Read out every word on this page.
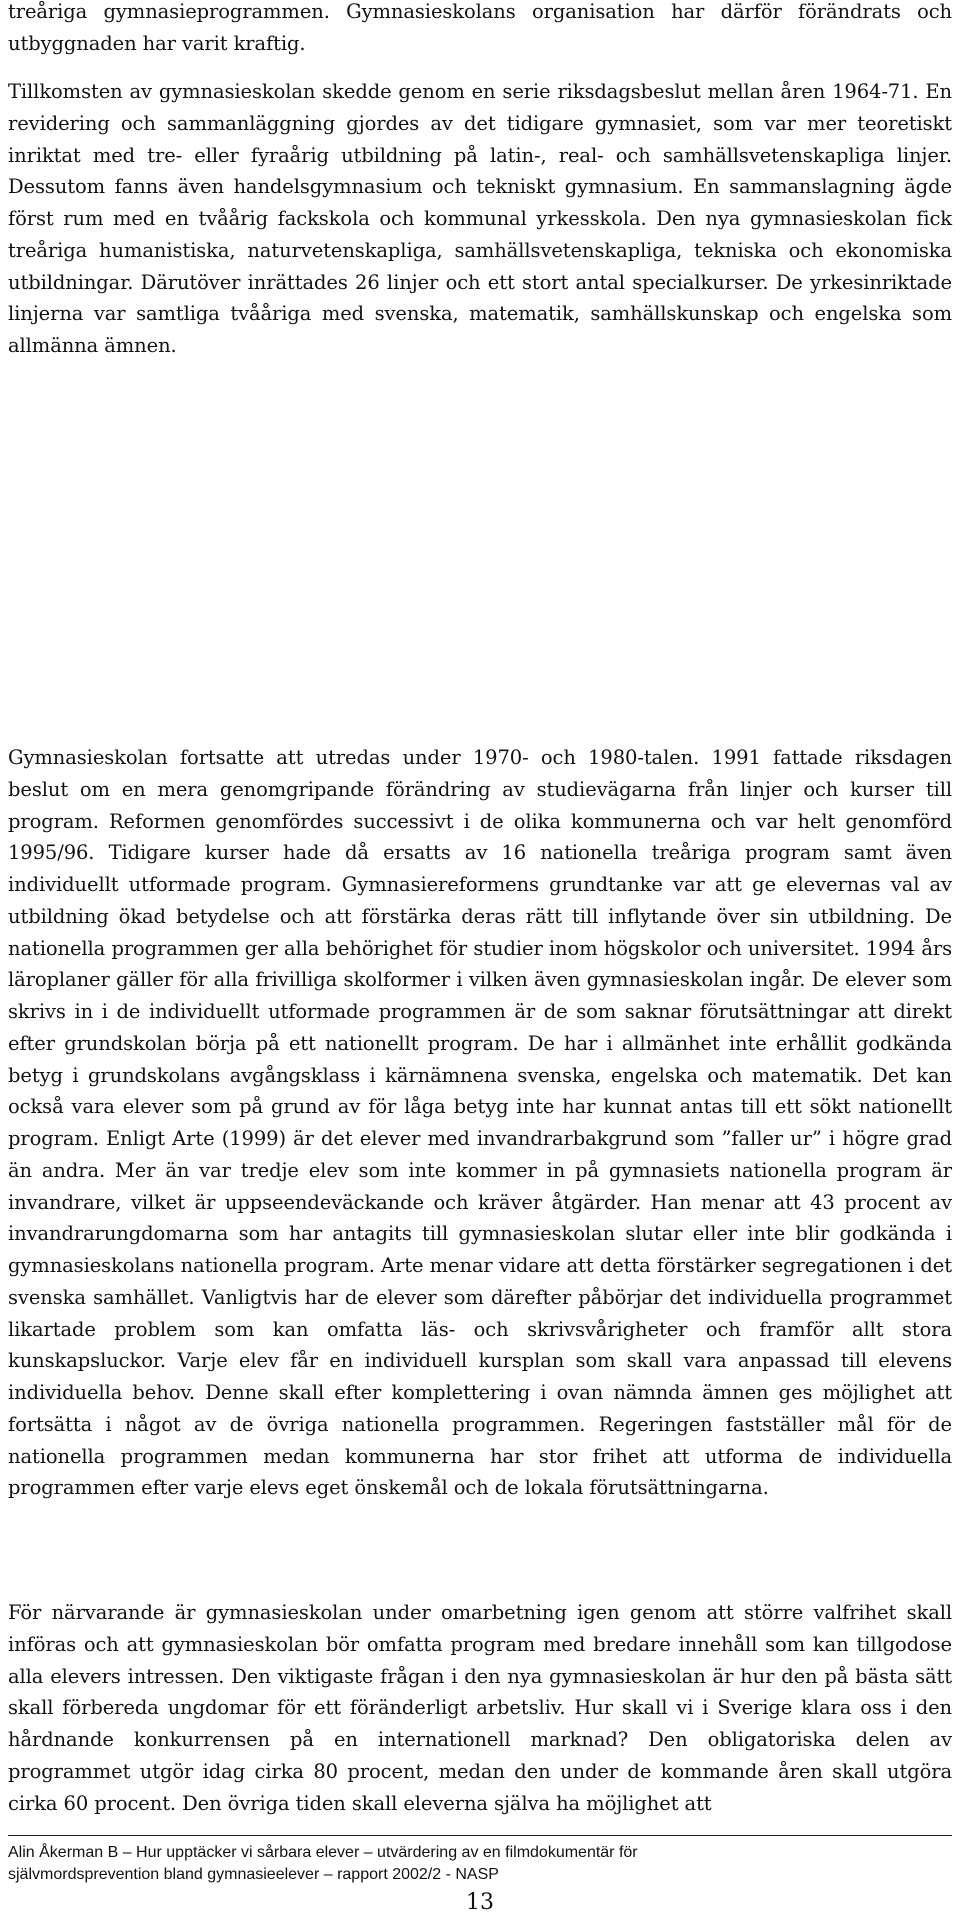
treåriga gymnasieprogrammen. Gymnasieskolans organisation har därför förändrats och utbyggnaden har varit kraftig.

Tillkomsten av gymnasieskolan skedde genom en serie riksdagsbeslut mellan åren 1964-71. En revidering och sammanläggning gjordes av det tidigare gymnasiet, som var mer teoretiskt inriktat med tre- eller fyraårig utbildning på latin-, real- och samhällsvetenskapliga linjer. Dessutom fanns även handelsgymnasium och tekniskt gymnasium. En sammanslagning ägde först rum med en tvåårig fackskola och kommunal yrkesskola. Den nya gymnasieskolan fick treåriga humanistiska, naturvetenskapliga, samhällsvetenskapliga, tekniska och ekonomiska utbildningar. Därutöver inrättades 26 linjer och ett stort antal specialkurser. De yrkesinriktade linjerna var samtliga tvååriga med svenska, matematik, samhällskunskap och engelska som allmänna ämnen.

Gymnasieskolan fortsatte att utredas under 1970- och 1980-talen. 1991 fattade riksdagen beslut om en mera genomgripande förändring av studievägarna från linjer och kurser till program. Reformen genomfördes successivt i de olika kommunerna och var helt genomförd 1995/96. Tidigare kurser hade då ersatts av 16 nationella treåriga program samt även individuellt utformade program. Gymnasiereformens grundtanke var att ge elevernas val av utbildning ökad betydelse och att förstärka deras rätt till inflytande över sin utbildning. De nationella programmen ger alla behörighet för studier inom högskolor och universitet. 1994 års läroplaner gäller för alla frivilliga skolformer i vilken även gymnasieskolan ingår. De elever som skrivs in i de individuellt utformade programmen är de som saknar förutsättningar att direkt efter grundskolan börja på ett nationellt program. De har i allmänhet inte erhållit godkända betyg i grundskolans avgångsklass i kärnämnena svenska, engelska och matematik. Det kan också vara elever som på grund av för låga betyg inte har kunnat antas till ett sökt nationellt program. Enligt Arte (1999) är det elever med invandrarbakgrund som ”faller ur” i högre grad än andra. Mer än var tredje elev som inte kommer in på gymnasiets nationella program är invandrare, vilket är uppseendeväckande och kräver åtgärder. Han menar att 43 procent av invandrarungdomarna som har antagits till gymnasieskolan slutar eller inte blir godkända i gymnasieskolans nationella program. Arte menar vidare att detta förstärker segregationen i det svenska samhället. Vanligtvis har de elever som därefter påbörjar det individuella programmet likartade problem som kan omfatta läs- och skrivsvårigheter och framför allt stora kunskapsluckor. Varje elev får en individuell kursplan som skall vara anpassad till elevens individuella behov. Denne skall efter komplettering i ovan nämnda ämnen ges möjlighet att fortsätta i något av de övriga nationella programmen. Regeringen fastställer mål för de nationella programmen medan kommunerna har stor frihet att utforma de individuella programmen efter varje elevs eget önskemål och de lokala förutsättningarna.

För närvarande är gymnasieskolan under omarbetning igen genom att större valfrihet skall införas och att gymnasieskolan bör omfatta program med bredare innehåll som kan tillgodose alla elevers intressen. Den viktigaste frågan i den nya gymnasieskolan är hur den på bästa sätt skall förbereda ungdomar för ett föränderligt arbetsliv. Hur skall vi i Sverige klara oss i den hårdnande konkurrensen på en internationell marknad? Den obligatoriska delen av programmet utgör idag cirka 80 procent, medan den under de kommande åren skall utgöra cirka 60 procent. Den övriga tiden skall eleverna själva ha möjlighet att

Alin Åkerman B – Hur upptäcker vi sårbara elever – utvärdering av en filmdokumentär för
självmordsprevention bland gymnasieelever – rapport 2002/2 - NASP
13
